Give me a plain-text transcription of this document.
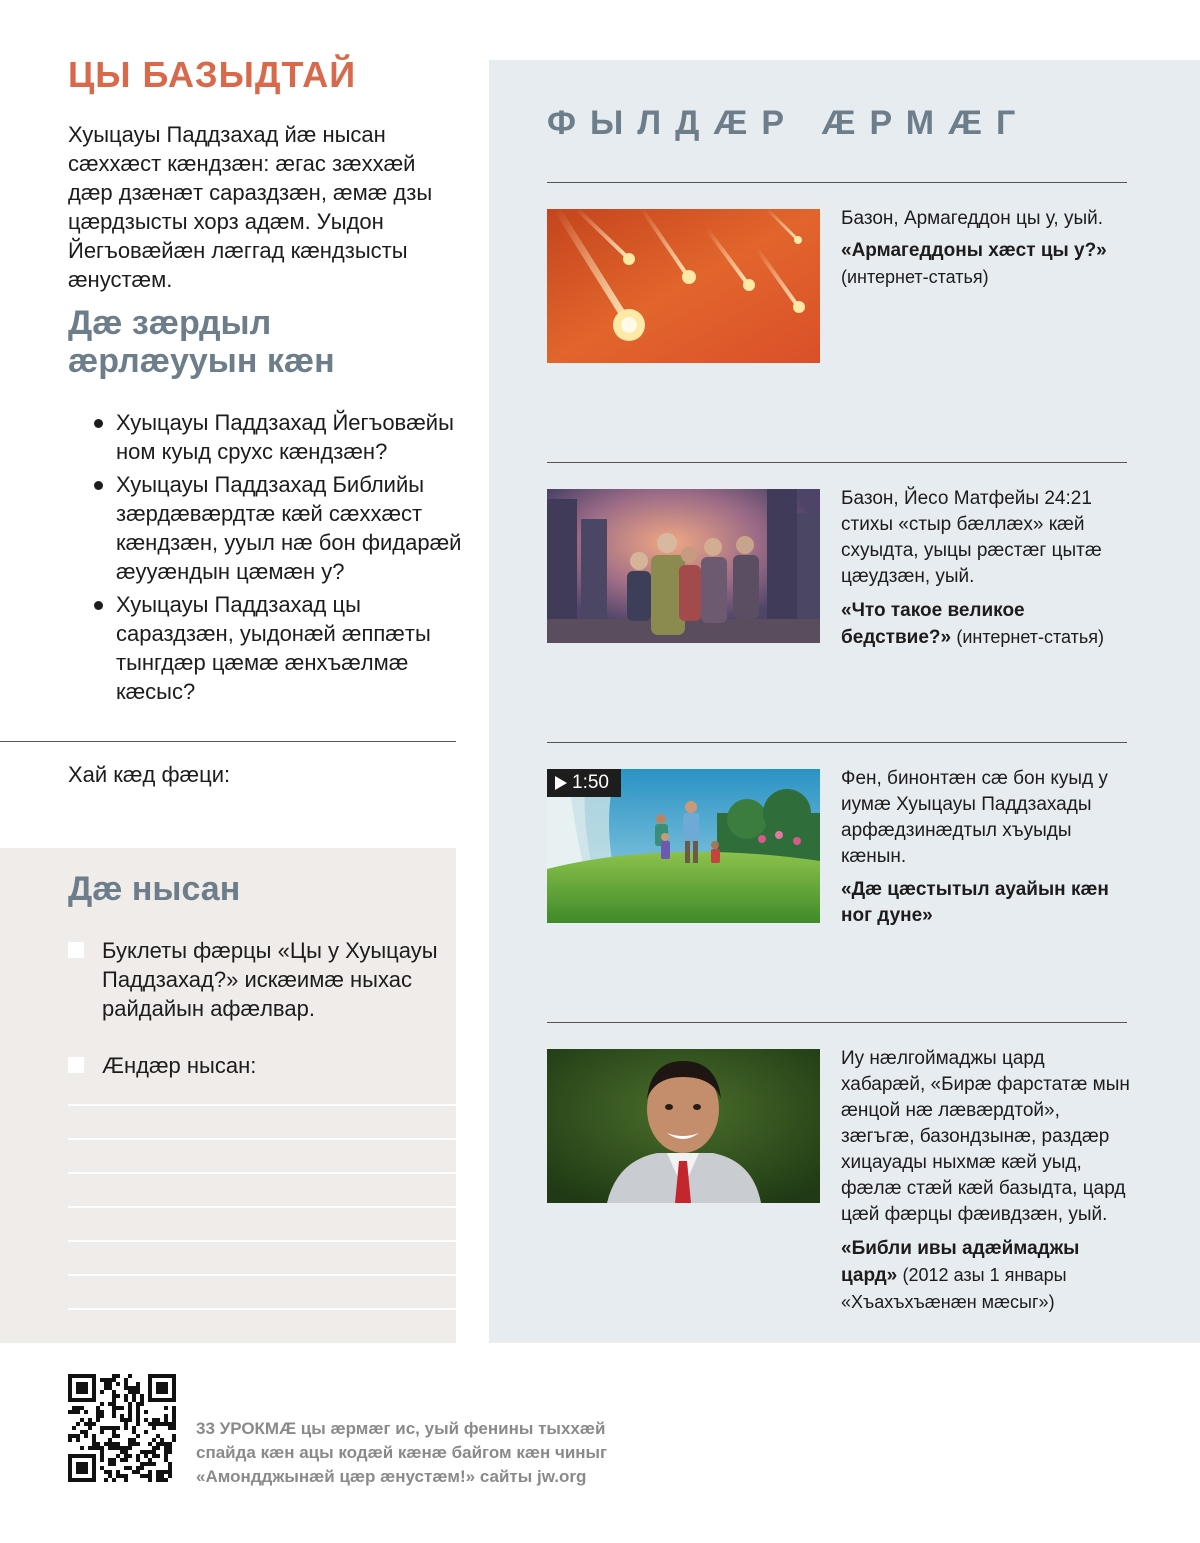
ЦЫ БАЗЫДТАЙ

Хуыцауы Паддзахад йæ нысан сæххæст кæндзæн: æгас зæххæй дæр дзæнæт сараздзæн, æмæ дзы цæрдзысты хорз адæм. Уыдон Йегъовæйæн лæггад кæндзысты æнустæм.

Дæ зæрдыл æрлæууын кæн
Хуыцауы Паддзахад Йегъовæйы ном куыд срухс кæндзæн?
Хуыцауы Паддзахад Библийы зæрдæвæрдтæ кæй сæххæст кæндзæн, ууыл нæ бон фидарæй æууæндын цæмæн у?
Хуыцауы Паддзахад цы сараздзæн, уыдонæй æппæты тынгдæр цæмæ æнхъæлмæ кæсыс?

Хай кæд фæци:

Дæ нысан
Буклеты фæрцы «Цы у Хуыцауы Паддзахад?» искæимæ ныхас райдайын афæлвар.
Æндæр нысан:
ФЫЛДÆР ÆРМÆГ

Базон, Армагеддон цы у, уый.

«Армагеддоны хæст цы у?»
(интернет-статья)

Базон, Йесо Матфейы 24:21 стихы «стыр бæллæх» кæй схуыдта, уыцы рæстæг цытæ цæудзæн, уый.

«Что такое великое бедствие?» (интернет-статья)

1:50	Фен, бинонтæн сæ бон куыд у иумæ Хуыцауы Паддзахады арфæдзинæдтыл хъуыды кæнын.

«Дæ цæстытыл ауайын кæн ног дуне»

Иу нæлгоймаджы цард хабарæй, «Бирæ фарстатæ мын æнцой нæ лæвæрдтой», зæгъгæ, базондзынæ, раздæр хицауады ныхмæ кæй уыд, фæлæ стæй кæй базыдта, цард цæй фæрцы фæивдзæн, уый.

«Библи ивы адæймаджы цард» (2012 азы 1 январы «Хъахъхъæнæн мæсыг»)

33 УРОКМÆ цы æрмæг ис, уый фенины тыххæй спайда кæн ацы кодæй кæнæ байгом кæн чиныг «Амондджынæй цæр æнустæм!» сайты jw.org
